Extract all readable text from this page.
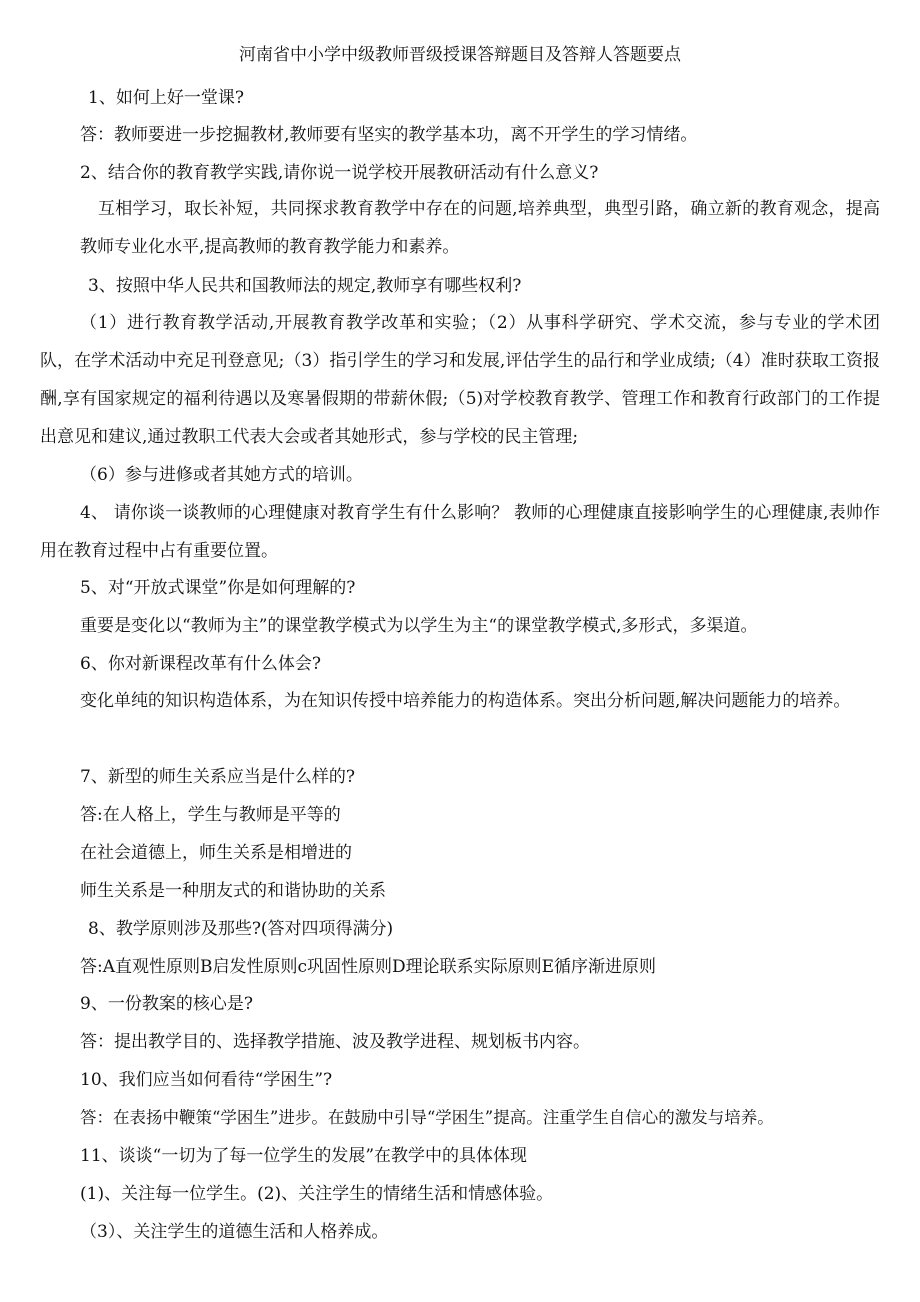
河南省中小学中级教师晋级授课答辩题目及答辩人答题要点
1、如何上好一堂课?
答：教师要进一步挖掘教材,教师要有坚实的教学基本功，离不开学生的学习情绪。
2、结合你的教育教学实践,请你说一说学校开展教研活动有什么意义?
互相学习，取长补短，共同探求教育教学中存在的问题,培养典型，典型引路，确立新的教育观念，提高教师专业化水平,提高教师的教育教学能力和素养。
3、按照中华人民共和国教师法的规定,教师享有哪些权利?
（1）进行教育教学活动,开展教育教学改革和实验；（2）从事科学研究、学术交流，参与专业的学术团队，在学术活动中充足刊登意见;（3）指引学生的学习和发展,评估学生的品行和学业成绩;（4）准时获取工资报酬,享有国家规定的福利待遇以及寒暑假期的带薪休假;（5)对学校教育教学、管理工作和教育行政部门的工作提出意见和建议,通过教职工代表大会或者其她形式，参与学校的民主管理;
（6）参与进修或者其她方式的培训。
4、 请你谈一谈教师的心理健康对教育学生有什么影响？ 教师的心理健康直接影响学生的心理健康,表帅作用在教育过程中占有重要位置。
5、对“开放式课堂”你是如何理解的?
重要是变化以“教师为主”的课堂教学模式为以学生为主“的课堂教学模式,多形式，多渠道。
6、你对新课程改革有什么体会?
变化单纯的知识构造体系，为在知识传授中培养能力的构造体系。突出分析问题,解决问题能力的培养。
7、新型的师生关系应当是什么样的?
答:在人格上，学生与教师是平等的
在社会道德上，师生关系是相增进的
师生关系是一种朋友式的和谐协助的关系
8、教学原则涉及那些?(答对四项得满分)
答:A直观性原则B启发性原则c巩固性原则D理论联系实际原则E循序渐进原则
9、一份教案的核心是?
答：提出教学目的、选择教学措施、波及教学进程、规划板书内容。
10、我们应当如何看待“学困生”?
答：在表扬中鞭策“学困生”进步。在鼓励中引导“学困生”提高。注重学生自信心的激发与培养。
11、谈谈“一切为了每一位学生的发展”在教学中的具体体现
(1)、关注每一位学生。(2)、关注学生的情绪生活和情感体验。
（3）、关注学生的道德生活和人格养成。
